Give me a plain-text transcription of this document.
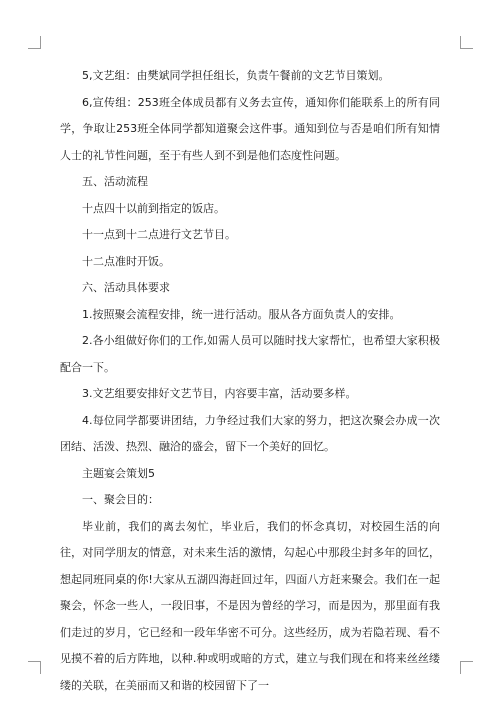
5,文艺组：由樊斌同学担任组长，负责午餐前的文艺节目策划。

6,宣传组：253班全体成员都有义务去宣传，通知你们能联系上的所有同学，争取让253班全体同学都知道聚会这件事。通知到位与否是咱们所有知情人士的礼节性问题，至于有些人到不到是他们态度性问题。

五、活动流程

十点四十以前到指定的饭店。

十一点到十二点进行文艺节目。

十二点准时开饭。

六、活动具体要求

1.按照聚会流程安排，统一进行活动。服从各方面负责人的安排。

2.各小组做好你们的工作,如需人员可以随时找大家帮忙，也希望大家积极配合一下。

3.文艺组要安排好文艺节目，内容要丰富，活动要多样。

4.每位同学都要讲团结，力争经过我们大家的努力，把这次聚会办成一次团结、活泼、热烈、融洽的盛会，留下一个美好的回忆。

主题宴会策划5

一、聚会目的：

毕业前，我们的离去匆忙，毕业后，我们的怀念真切，对校园生活的向往，对同学朋友的情意，对未来生活的激情，勾起心中那段尘封多年的回忆，想起同班同桌的你!大家从五湖四海赶回过年，四面八方赶来聚会。我们在一起聚会，怀念一些人，一段旧事，不是因为曾经的学习，而是因为，那里面有我们走过的岁月，它已经和一段年华密不可分。这些经历，成为若隐若现、看不见摸不着的后方阵地，以种.种或明或暗的方式，建立与我们现在和将来丝丝缕缕的关联，在美丽而又和谐的校园留下了一
